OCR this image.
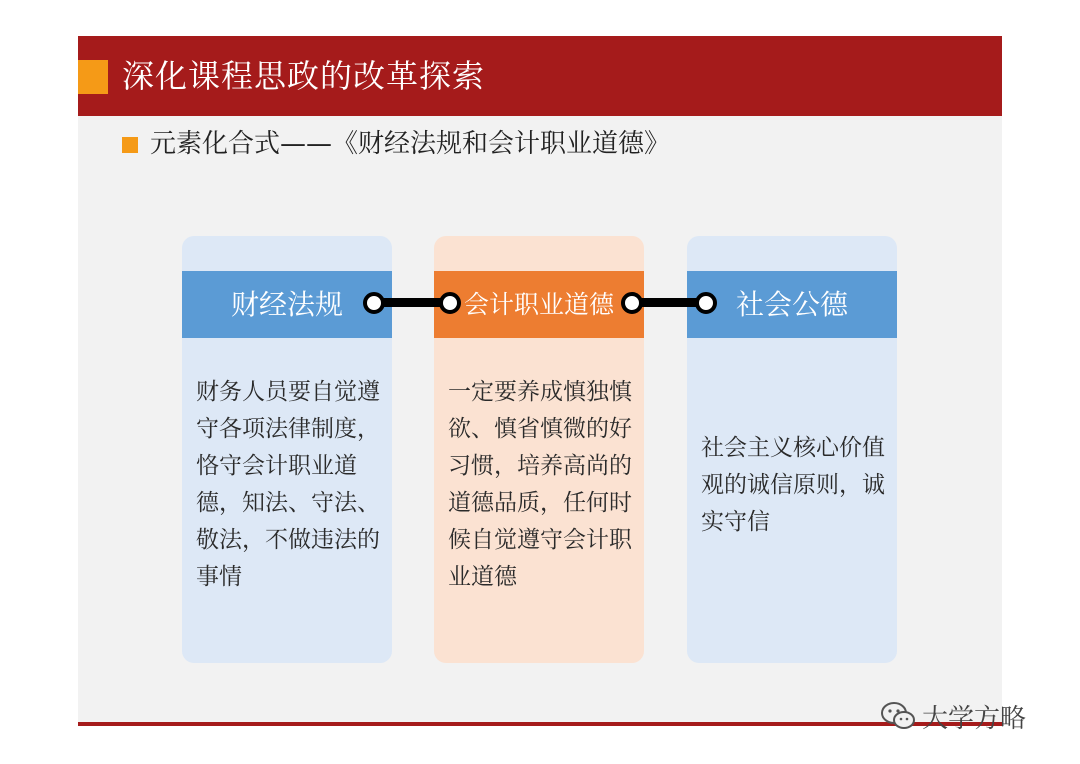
深化课程思政的改革探索
元素化合式——《财经法规和会计职业道德》
财经法规
财务人员要自觉遵守各项法律制度，恪守会计职业道德，知法、守法、敬法，不做违法的事情
会计职业道德
一定要养成慎独慎欲、慎省慎微的好习惯，培养高尚的道德品质，任何时候自觉遵守会计职业道德
社会公德
社会主义核心价值观的诚信原则，诚实守信
大学方略
